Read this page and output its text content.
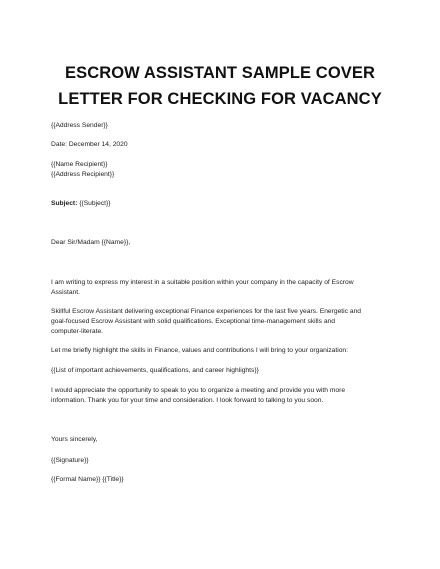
ESCROW ASSISTANT SAMPLE COVER
LETTER FOR CHECKING FOR VACANCY
{{Address Sender}}
Date: December 14, 2020
{{Name Recipient}}
{{Address Recipient}}
Subject: {{Subject}}
Dear Sir/Madam {{Name}},
I am writing to express my interest in a suitable position within your company in the capacity of Escrow
Assistant.
Skillful Escrow Assistant delivering exceptional Finance experiences for the last five years. Energetic and
goal-focused Escrow Assistant with solid qualifications. Exceptional time-management skills and
computer-literate.
Let me briefly highlight the skills in Finance, values and contributions I will bring to your organization:
{{List of important achievements, qualifications, and career highlights}}
I would appreciate the opportunity to speak to you to organize a meeting and provide you with more
information. Thank you for your time and consideration. I look forward to talking to you soon.
Yours sincerely,
{{Signature}}
{{Formal Name}} {{Title}}
